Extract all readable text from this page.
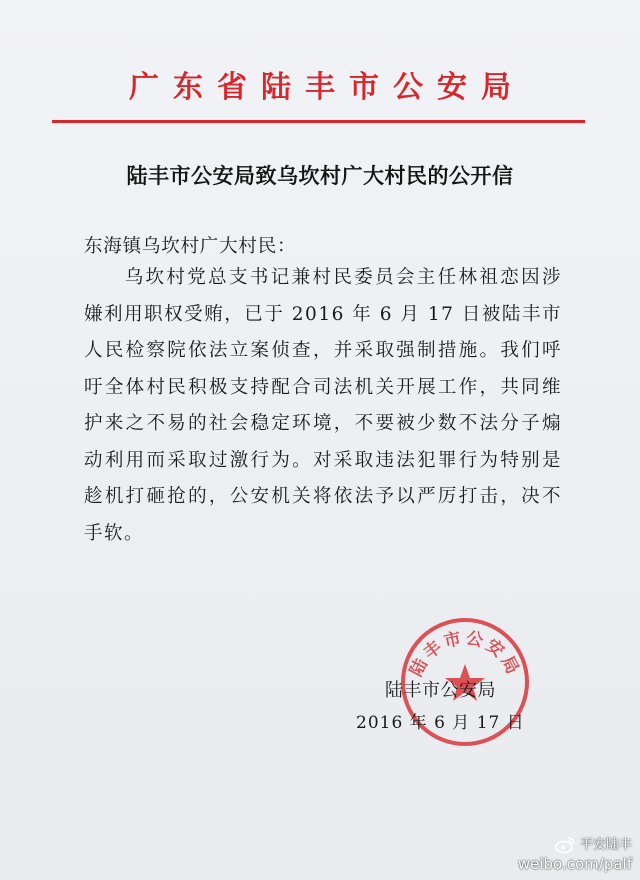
广东省陆丰市公安局
陆丰市公安局致乌坎村广大村民的公开信
东海镇乌坎村广大村民：
乌坎村党总支书记兼村民委员会主任林祖恋因涉嫌利用职权受贿，已于 2016 年 6 月 17 日被陆丰市人民检察院依法立案侦查，并采取强制措施。我们呼吁全体村民积极支持配合司法机关开展工作，共同维护来之不易的社会稳定环境，不要被少数不法分子煽动利用而采取过激行为。对采取违法犯罪行为特别是趁机打砸抢的，公安机关将依法予以严厉打击，决不手软。
陆丰市公安局
陆丰市公安局
2016 年 6 月 17 日
平安陆丰
weibo.com/palf
